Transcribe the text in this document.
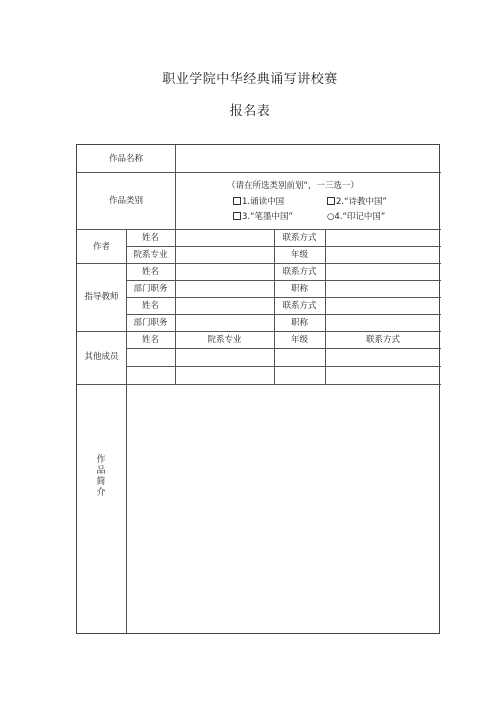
职业学院中华经典诵写讲校赛
报名表
作品名称
作品类别
（请在所选类别前划“，一三选一）
1.诵读中国	2.“诗教中国”
3.“笔墨中国”	○4.“印记中国”
作者
姓名	联系方式
院系专业	年级
指导教师
姓名	联系方式
部门职务	职称
姓名	联系方式
部门职务	职称
其他成员
姓名	院系专业	年级	联系方式
作品简介
